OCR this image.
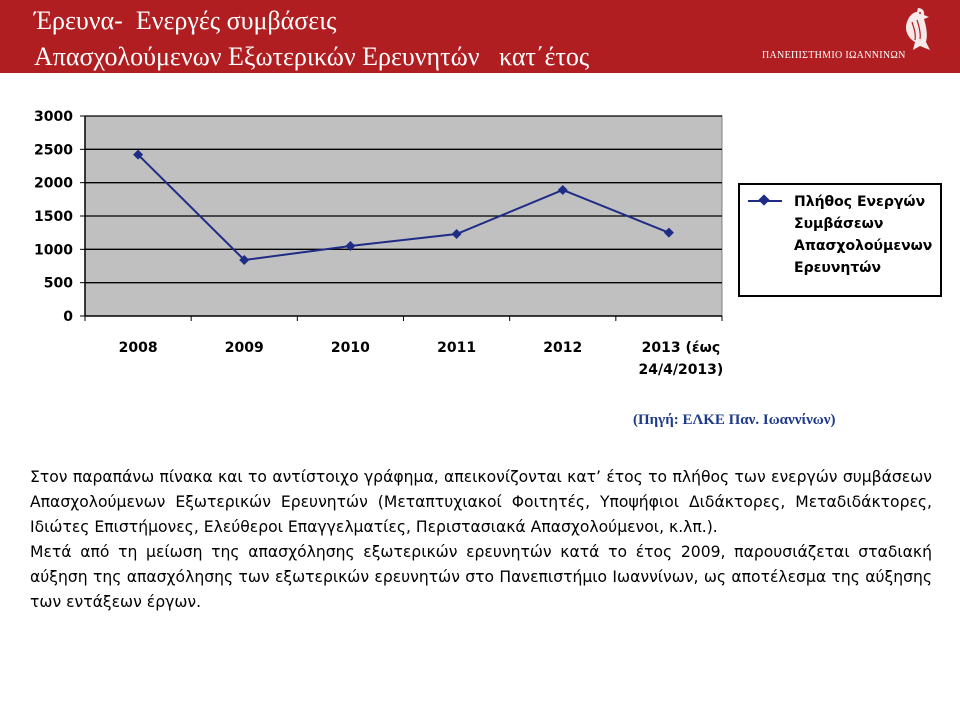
Έρευνα-  Ενεργές συμβάσεις
Απασχολούμενων Εξωτερικών Ερευνητών   κατ΄έτος	ΠΑΝΕΠΙΣΤΗΜΙΟ ΙΩΑΝΝΙΝΩΝ
0
500
1000
1500
2000
2500
3000
2008	2009	2010	2011	2012	2013 (έως 24/4/2013)
Πλήθος Ενεργών
Συμβάσεων
Απασχολούμενων
Ερευνητών
(Πηγή: ΕΛΚΕ Παν. Ιωαννίνων)

Στον παραπάνω πίνακα και το αντίστοιχο γράφημα, απεικονίζονται κατ’ έτος το πλήθος των ενεργών συμβάσεων Απασχολούμενων Εξωτερικών Ερευνητών (Μεταπτυχιακοί Φοιτητές, Υποψήφιοι Διδάκτορες, Μεταδιδάκτορες, Ιδιώτες Επιστήμονες, Ελεύθεροι Επαγγελματίες, Περιστασιακά Απασχολούμενοι, κ.λπ.).

Μετά από τη μείωση της απασχόλησης εξωτερικών ερευνητών κατά το έτος 2009, παρουσιάζεται σταδιακή αύξηση της απασχόλησης των εξωτερικών ερευνητών στο Πανεπιστήμιο Ιωαννίνων, ως αποτέλεσμα της αύξησης των εντάξεων έργων.
